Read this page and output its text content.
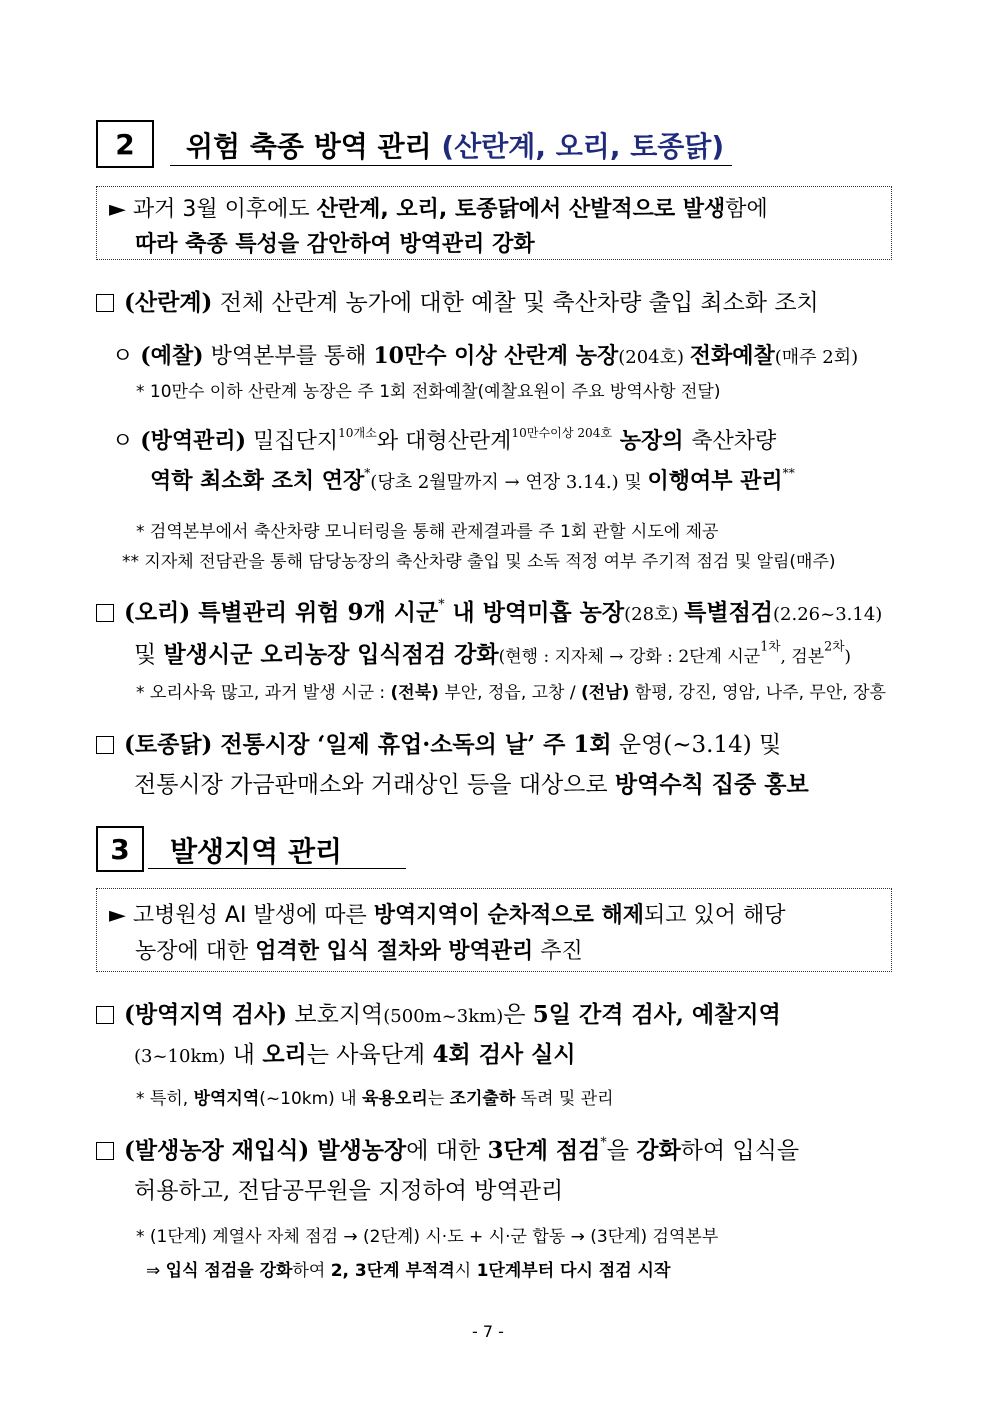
2 위험 축종 방역 관리 (산란계, 오리, 토종닭)
► 과거 3월 이후에도 산란계, 오리, 토종닭에서 산발적으로 발생함에
따라 축종 특성을 감안하여 방역관리 강화
(산란계) 전체 산란계 농가에 대한 예찰 및 축산차량 출입 최소화 조치
ㅇ (예찰) 방역본부를 통해 10만수 이상 산란계 농장(204호) 전화예찰(매주 2회)
* 10만수 이하 산란계 농장은 주 1회 전화예찰(예찰요원이 주요 방역사항 전달)
ㅇ (방역관리) 밀집단지$^{10개소}$와 대형산란계$^{10만수이상 204호}$ 농장의 축산차량
역학 최소화 조치 연장*(당초 2월말까지 → 연장 3.14.) 및 이행여부 관리**
* 검역본부에서 축산차량 모니터링을 통해 관제결과를 주 1회 관할 시도에 제공
** 지자체 전담관을 통해 담당농장의 축산차량 출입 및 소독 적정 여부 주기적 점검 및 알림(매주)
(오리) 특별관리 위험 9개 시군* 내 방역미흡 농장(28호) 특별점검(2.26~3.14)
및 발생시군 오리농장 입식점검 강화(현행 : 지자체 → 강화 : 2단계 시군$^{1차}$, 검본$^{2차}$)
* 오리사육 많고, 과거 발생 시군 : (전북) 부안, 정읍, 고창 / (전남) 함평, 강진, 영암, 나주, 무안, 장흥
(토종닭) 전통시장 ‘일제 휴업·소독의 날’ 주 1회 운영(~3.14) 및
전통시장 가금판매소와 거래상인 등을 대상으로 방역수칙 집중 홍보
3 발생지역 관리
► 고병원성 AI 발생에 따른 방역지역이 순차적으로 해제되고 있어 해당
농장에 대한 엄격한 입식 절차와 방역관리 추진
(방역지역 검사) 보호지역(500m~3km)은 5일 간격 검사, 예찰지역
(3~10km) 내 오리는 사육단계 4회 검사 실시
* 특히, 방역지역(~10km) 내 육용오리는 조기출하 독려 및 관리
(발생농장 재입식) 발생농장에 대한 3단계 점검*을 강화하여 입식을
허용하고, 전담공무원을 지정하여 방역관리
* (1단계) 계열사 자체 점검 → (2단계) 시·도 + 시·군 합동 → (3단계) 검역본부
⇒ 입식 점검을 강화하여 2, 3단계 부적격시 1단계부터 다시 점검 시작
- 7 -
